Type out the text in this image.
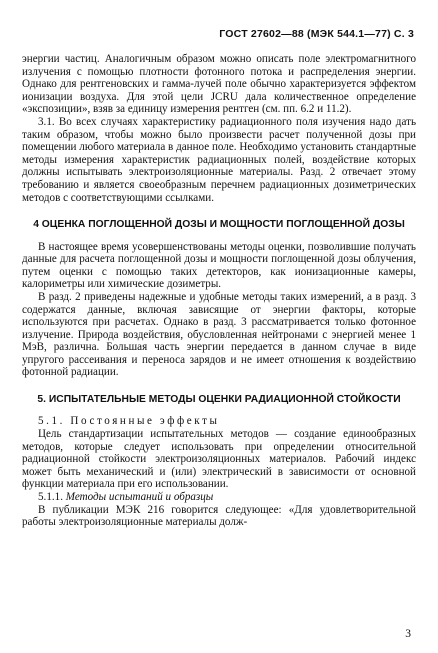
ГОСТ 27602—88 (МЭК 544.1—77) С. 3

энергии частиц. Аналогичным образом можно описать поле электромагнитного излучения с помощью плотности фотонного потока и распределения энергии. Однако для рентгеновских и гамма-лучей поле обычно характеризуется эффектом ионизации воздуха. Для этой цели JCRU дала количественное определение «экспозиции», взяв за единицу измерения рентген (см. пп. 6.2 и 11.2).

3.1. Во всех случаях характеристику радиационного поля изучения надо дать таким образом, чтобы можно было произвести расчет полученной дозы при помещении любого материала в данное поле. Необходимо установить стандартные методы измерения характеристик радиационных полей, воздействие которых должны испытывать электроизоляционные материалы. Разд. 2 отвечает этому требованию и является своеобразным перечнем радиационных дозиметрических методов с соответствующими ссылками.

4 ОЦЕНКА ПОГЛОЩЕННОЙ ДОЗЫ И МОЩНОСТИ ПОГЛОЩЕННОЙ ДОЗЫ

В настоящее время усовершенствованы методы оценки, позволившие получать данные для расчета поглощенной дозы и мощности поглощенной дозы облучения, путем оценки с помощью таких детекторов, как ионизационные камеры, калориметры или химические дозиметры.

В разд. 2 приведены надежные и удобные методы таких измерений, а в разд. 3 содержатся данные, включая зависящие от энергии факторы, которые используются при расчетах. Однако в разд. 3 рассматривается только фотонное излучение. Природа воздействия, обусловленная нейтронами с энергией менее 1 МэВ, различна. Большая часть энергии передается в данном случае в виде упругого рассеивания и переноса зарядов и не имеет отношения к воздействию фотонной радиации.

5. ИСПЫТАТЕЛЬНЫЕ МЕТОДЫ ОЦЕНКИ РАДИАЦИОННОЙ СТОЙКОСТИ

5.1. Постоянные эффекты

Цель стандартизации испытательных методов — создание единообразных методов, которые следует использовать при определении относительной радиационной стойкости электроизоляционных материалов. Рабочий индекс может быть механический и (или) электрический в зависимости от основной функции материала при его использовании.

5.1.1. Методы испытаний и образцы

В публикации МЭК 216 говорится следующее: «Для удовлетворительной работы электроизоляционные материалы долж-

3
